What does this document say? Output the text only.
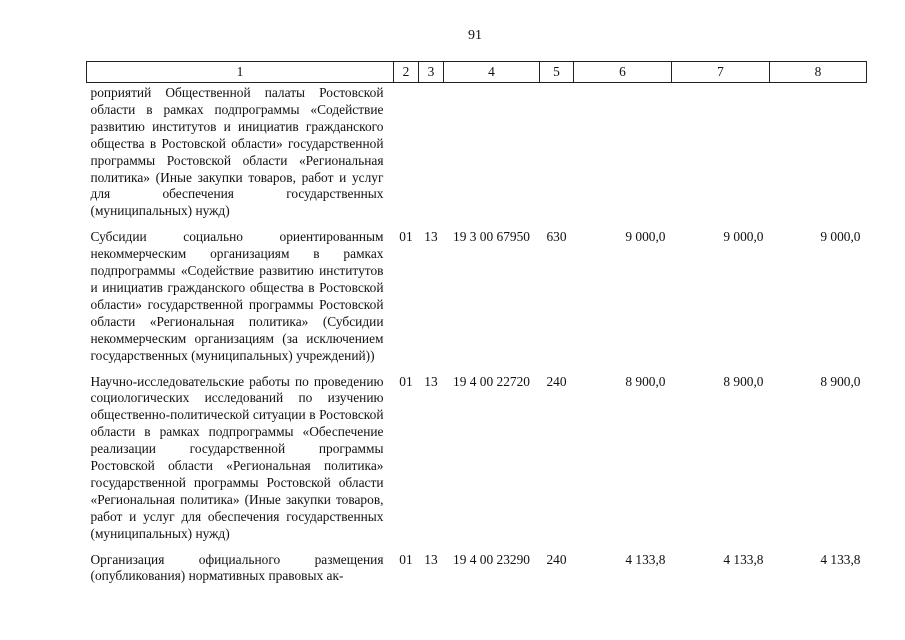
91
1	2	3	4	5	6	7	8
роприятий Общественной палаты Ростовской области в рамках подпрограммы «Содействие развитию институтов и инициатив гражданского общества в Ростовской области» государственной программы Ростовской области «Региональная политика» (Иные закупки товаров, работ и услуг для обеспечения государственных (муниципальных) нужд)							
Субсидии социально ориентированным некоммерческим организациям в рамках подпрограммы «Содействие развитию институтов и инициатив гражданского общества в Ростовской области» государственной программы Ростовской области «Региональная политика» (Субсидии некоммерческим организациям (за исключением государственных (муниципальных) учреждений))	01	13	19 3 00 67950	630	9 000,0	9 000,0	9 000,0
Научно-исследовательские работы по проведению социологических исследований по изучению общественно-политической ситуации в Ростовской области в рамках подпрограммы «Обеспечение реализации государственной программы Ростовской области «Региональная политика» государственной программы Ростовской области «Региональная политика» (Иные закупки товаров, работ и услуг для обеспечения государственных (муниципальных) нужд)	01	13	19 4 00 22720	240	8 900,0	8 900,0	8 900,0
Организация официального размещения (опубликования) нормативных правовых ак-	01	13	19 4 00 23290	240	4 133,8	4 133,8	4 133,8
